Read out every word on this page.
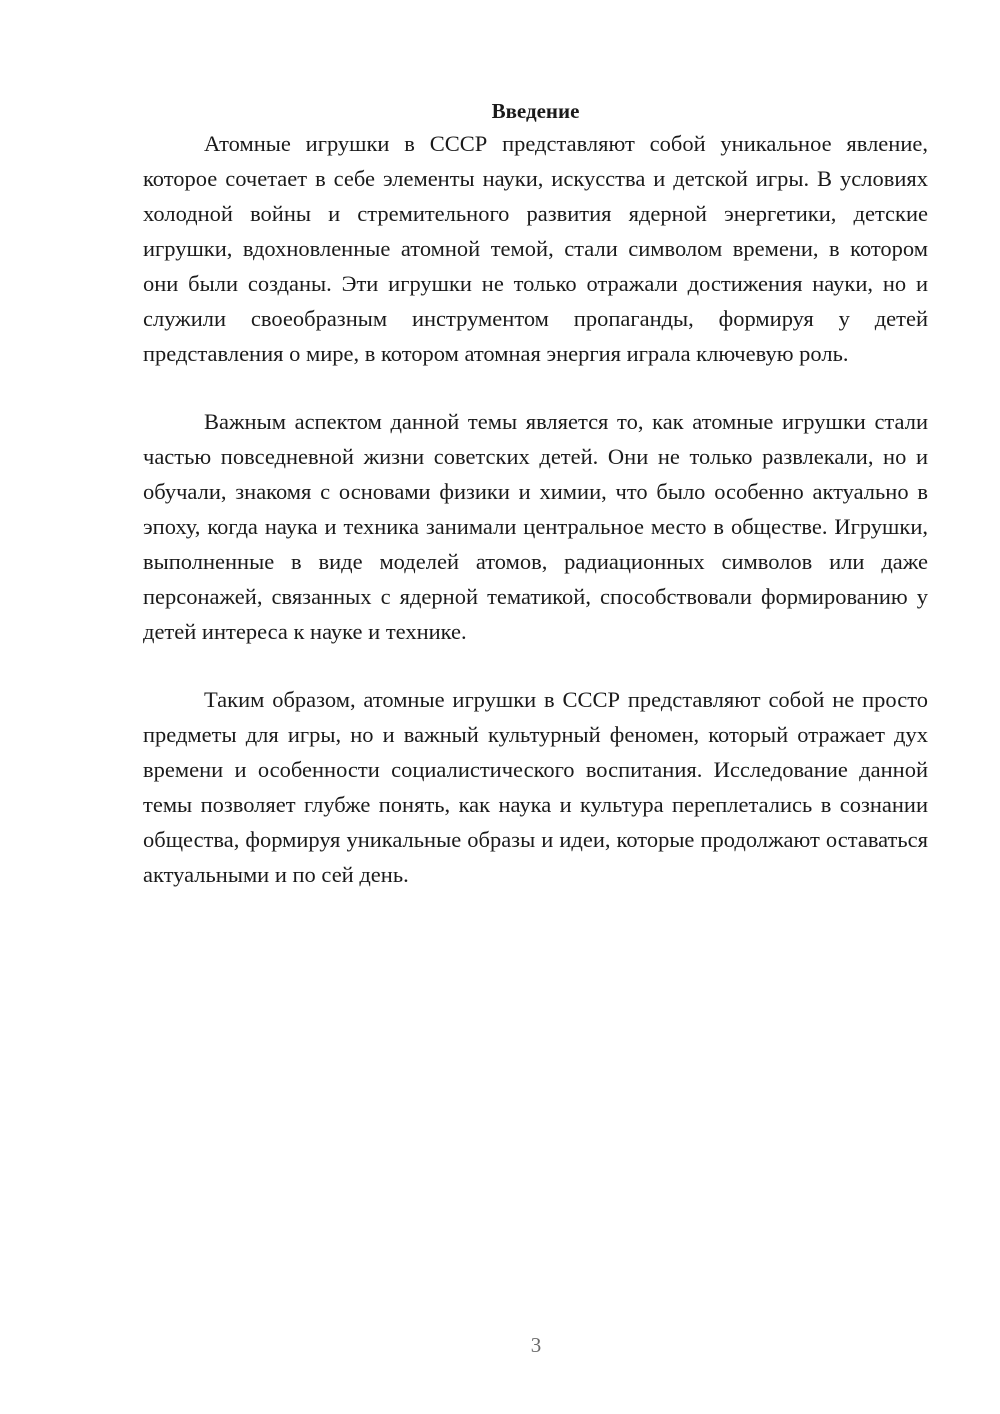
Введение

Атомные игрушки в СССР представляют собой уникальное явление, которое сочетает в себе элементы науки, искусства и детской игры. В условиях холодной войны и стремительного развития ядерной энергетики, детские игрушки, вдохновленные атомной темой, стали символом времени, в котором они были созданы. Эти игрушки не только отражали достижения науки, но и служили своеобразным инструментом пропаганды, формируя у детей представления о мире, в котором атомная энергия играла ключевую роль.

Важным аспектом данной темы является то, как атомные игрушки стали частью повседневной жизни советских детей. Они не только развлекали, но и обучали, знакомя с основами физики и химии, что было особенно актуально в эпоху, когда наука и техника занимали центральное место в обществе. Игрушки, выполненные в виде моделей атомов, радиационных символов или даже персонажей, связанных с ядерной тематикой, способствовали формированию у детей интереса к науке и технике.

Таким образом, атомные игрушки в СССР представляют собой не просто предметы для игры, но и важный культурный феномен, который отражает дух времени и особенности социалистического воспитания. Исследование данной темы позволяет глубже понять, как наука и культура переплетались в сознании общества, формируя уникальные образы и идеи, которые продолжают оставаться актуальными и по сей день.

3
